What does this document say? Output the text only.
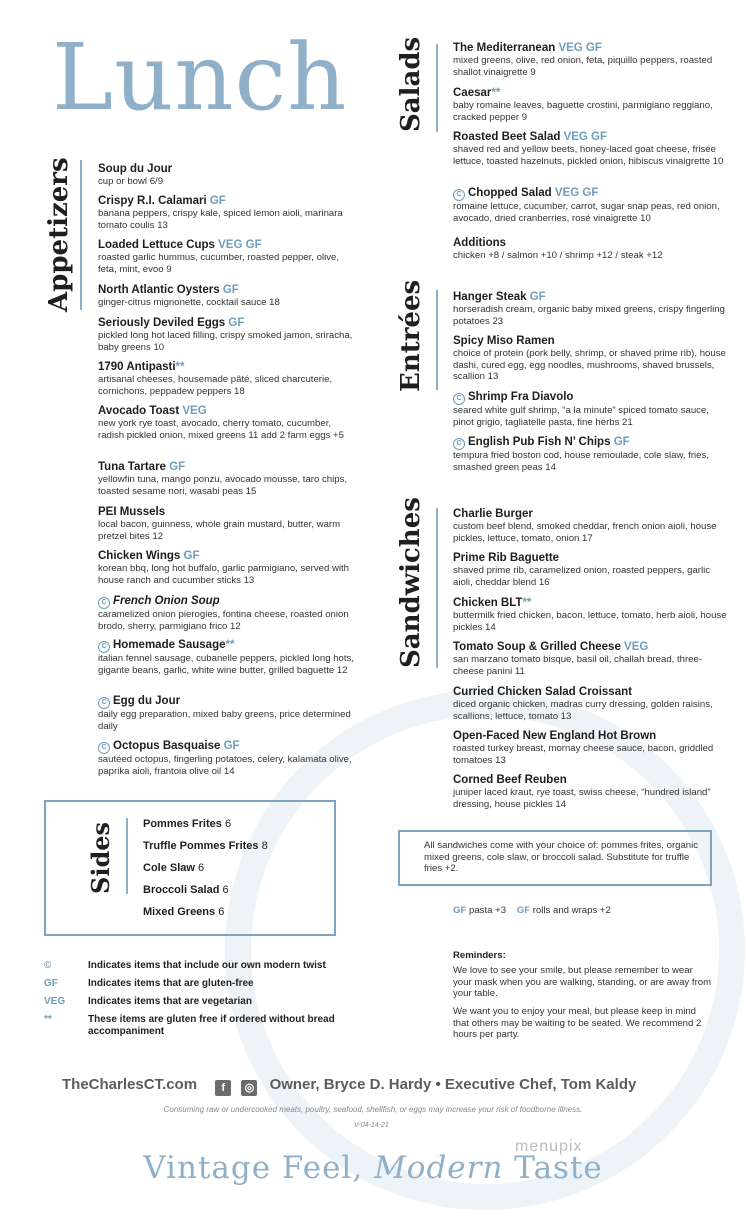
Lunch
Appetizers
Salads
Entrées
Sandwiches
Soup du Jour
cup or bowl 6/9
Crispy R.I. Calamari GF
banana peppers, crispy kale, spiced lemon aioli, marinara tomato coulis 13
Loaded Lettuce Cups VEG GF
roasted garlic hummus, cucumber, roasted pepper, olive, feta, mint, evoo 9
North Atlantic Oysters GF
ginger-citrus mignonette, cocktail sauce 18
Seriously Deviled Eggs GF
pickled long hot laced filling, crispy smoked jamon, sriracha, baby greens 10
1790 Antipasti**
artisanal cheeses, housemade pâté, sliced charcuterie, cornichons, peppadew peppers 18
Avocado Toast VEG
new york rye toast, avocado, cherry tomato, cucumber, radish pickled onion, mixed greens 11 add 2 farm eggs +5
Tuna Tartare GF
yellowfin tuna, mango ponzu, avocado mousse, taro chips, toasted sesame nori, wasabi peas 15
PEI Mussels
local bacon, guinness, whole grain mustard, butter, warm pretzel bites 12
Chicken Wings GF
korean bbq, long hot buffalo, garlic parmigiano, served with house ranch and cucumber sticks 13
C French Onion Soup
caramelized onion pierogies, fontina cheese, roasted onion brodo, sherry, parmigiano frico 12
C Homemade Sausage**
italian fennel sausage, cubanelle peppers, pickled long hots, gigante beans, garlic, white wine butter, grilled baguette 12
C Egg du Jour
daily egg preparation, mixed baby greens, price determined daily
C Octopus Basquaise GF
sautéed octopus, fingerling potatoes, celery, kalamata olive, paprika aioli, frantoia olive oil 14
The Mediterranean VEG GF
mixed greens, olive, red onion, feta, piquillo peppers, roasted shallot vinaigrette 9
Caesar**
baby romaine leaves, baguette crostini, parmigiano reggiano, cracked pepper 9
Roasted Beet Salad VEG GF
shaved red and yellow beets, honey-laced goat cheese, frisée lettuce, toasted hazelnuts, pickled onion, hibiscus vinaigrette 10
C Chopped Salad VEG GF
romaine lettuce, cucumber, carrot, sugar snap peas, red onion, avocado, dried cranberries, rosé vinaigrette 10
Additions
chicken +8 / salmon +10 / shrimp +12 / steak +12
Hanger Steak GF
horseradish cream, organic baby mixed greens, crispy fingerling potatoes 23
Spicy Miso Ramen
choice of protein (pork belly, shrimp, or shaved prime rib), house dashi, cured egg, egg noodles, mushrooms, shaved brussels, scallion 13
C Shrimp Fra Diavolo
seared white gulf shrimp, “a la minute” spiced tomato sauce, pinot grigio, tagliatelle pasta, fine herbs 21
C English Pub Fish N’ Chips GF
tempura fried boston cod, house remoulade, cole slaw, fries, smashed green peas 14
Charlie Burger
custom beef blend, smoked cheddar, french onion aioli, house pickles, lettuce, tomato, onion 17
Prime Rib Baguette
shaved prime rib, caramelized onion, roasted peppers, garlic aioli, cheddar blend 16
Chicken BLT**
buttermilk fried chicken, bacon, lettuce, tomato, herb aioli, house pickles 14
Tomato Soup & Grilled Cheese VEG
san marzano tomato bisque, basil oil, challah bread, three-cheese panini 11
Curried Chicken Salad Croissant
diced organic chicken, madras curry dressing, golden raisins, scallions, lettuce, tomato 13
Open-Faced New England Hot Brown
roasted turkey breast, mornay cheese sauce, bacon, griddled tomatoes 13
Corned Beef Reuben
juniper laced kraut, rye toast, swiss cheese, “hundred island” dressing, house pickles 14
Sides	Pommes Frites 6
Truffle Pommes Frites 8
Cole Slaw 6
Broccoli Salad 6
Mixed Greens 6
All sandwiches come with your choice of: pommes frites, organic mixed greens, cole slaw, or broccoli salad. Substitute for truffle fries +2.
GF pasta +3 GF rolls and wraps +2
©	Indicates items that include our own modern twist
GF	Indicates items that are gluten-free
VEG Indicates items that are vegetarian
**	These items are gluten free if ordered without bread accompaniment
Reminders:
We love to see your smile, but please remember to wear your mask when you are walking, standing, or are away from your table.
We want you to enjoy your meal, but please keep in mind that others may be waiting to be seated. We recommend 2 hours per party.
TheCharlesCT.com f ◎ Owner, Bryce D. Hardy • Executive Chef, Tom Kaldy
Consuming raw or undercooked meats, poultry, seafood, shellfish, or eggs may increase your risk of foodborne illness.
V-04-14-21
menupix
Vintage Feel, Modern Taste
